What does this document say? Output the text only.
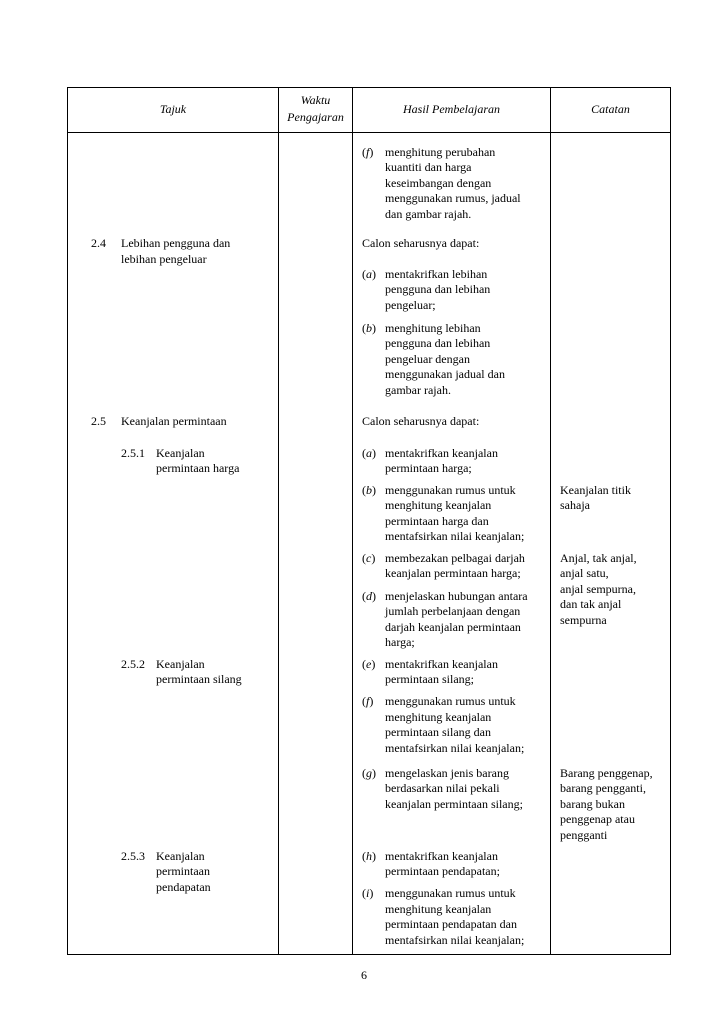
Tajuk
Waktu
Pengajaran
Hasil Pembelajaran	Catatan
2.4 Lebihan pengguna dan
lebihan pengeluar
2.5 Keanjalan permintaan
2.5.1 Keanjalan
permintaan harga
2.5.2 Keanjalan
permintaan silang
2.5.3 Keanjalan
permintaan
pendapatan
(f) menghitung perubahan
kuantiti dan harga
keseimbangan dengan
menggunakan rumus, jadual
dan gambar rajah.
Calon seharusnya dapat:
(a) mentakrifkan lebihan
pengguna dan lebihan
pengeluar;
(b) menghitung lebihan
pengguna dan lebihan
pengeluar dengan
menggunakan jadual dan
gambar rajah.
Calon seharusnya dapat:
(a) mentakrifkan keanjalan
permintaan harga;
(b) menggunakan rumus untuk
menghitung keanjalan
permintaan harga dan
mentafsirkan nilai keanjalan;
(c) membezakan pelbagai darjah
keanjalan permintaan harga;
(d) menjelaskan hubungan antara
jumlah perbelanjaan dengan
darjah keanjalan permintaan
harga;
(e) mentakrifkan keanjalan
permintaan silang;
(f) menggunakan rumus untuk
menghitung keanjalan
permintaan silang dan
mentafsirkan nilai keanjalan;
(g) mengelaskan jenis barang
berdasarkan nilai pekali
keanjalan permintaan silang;
(h) mentakrifkan keanjalan
permintaan pendapatan;
(i) menggunakan rumus untuk
menghitung keanjalan
permintaan pendapatan dan
mentafsirkan nilai keanjalan;
Keanjalan titik
sahaja
Anjal, tak anjal,
anjal satu,
anjal sempurna,
dan tak anjal
sempurna
Barang penggenap,
barang pengganti,
barang bukan
penggenap atau
pengganti
6
